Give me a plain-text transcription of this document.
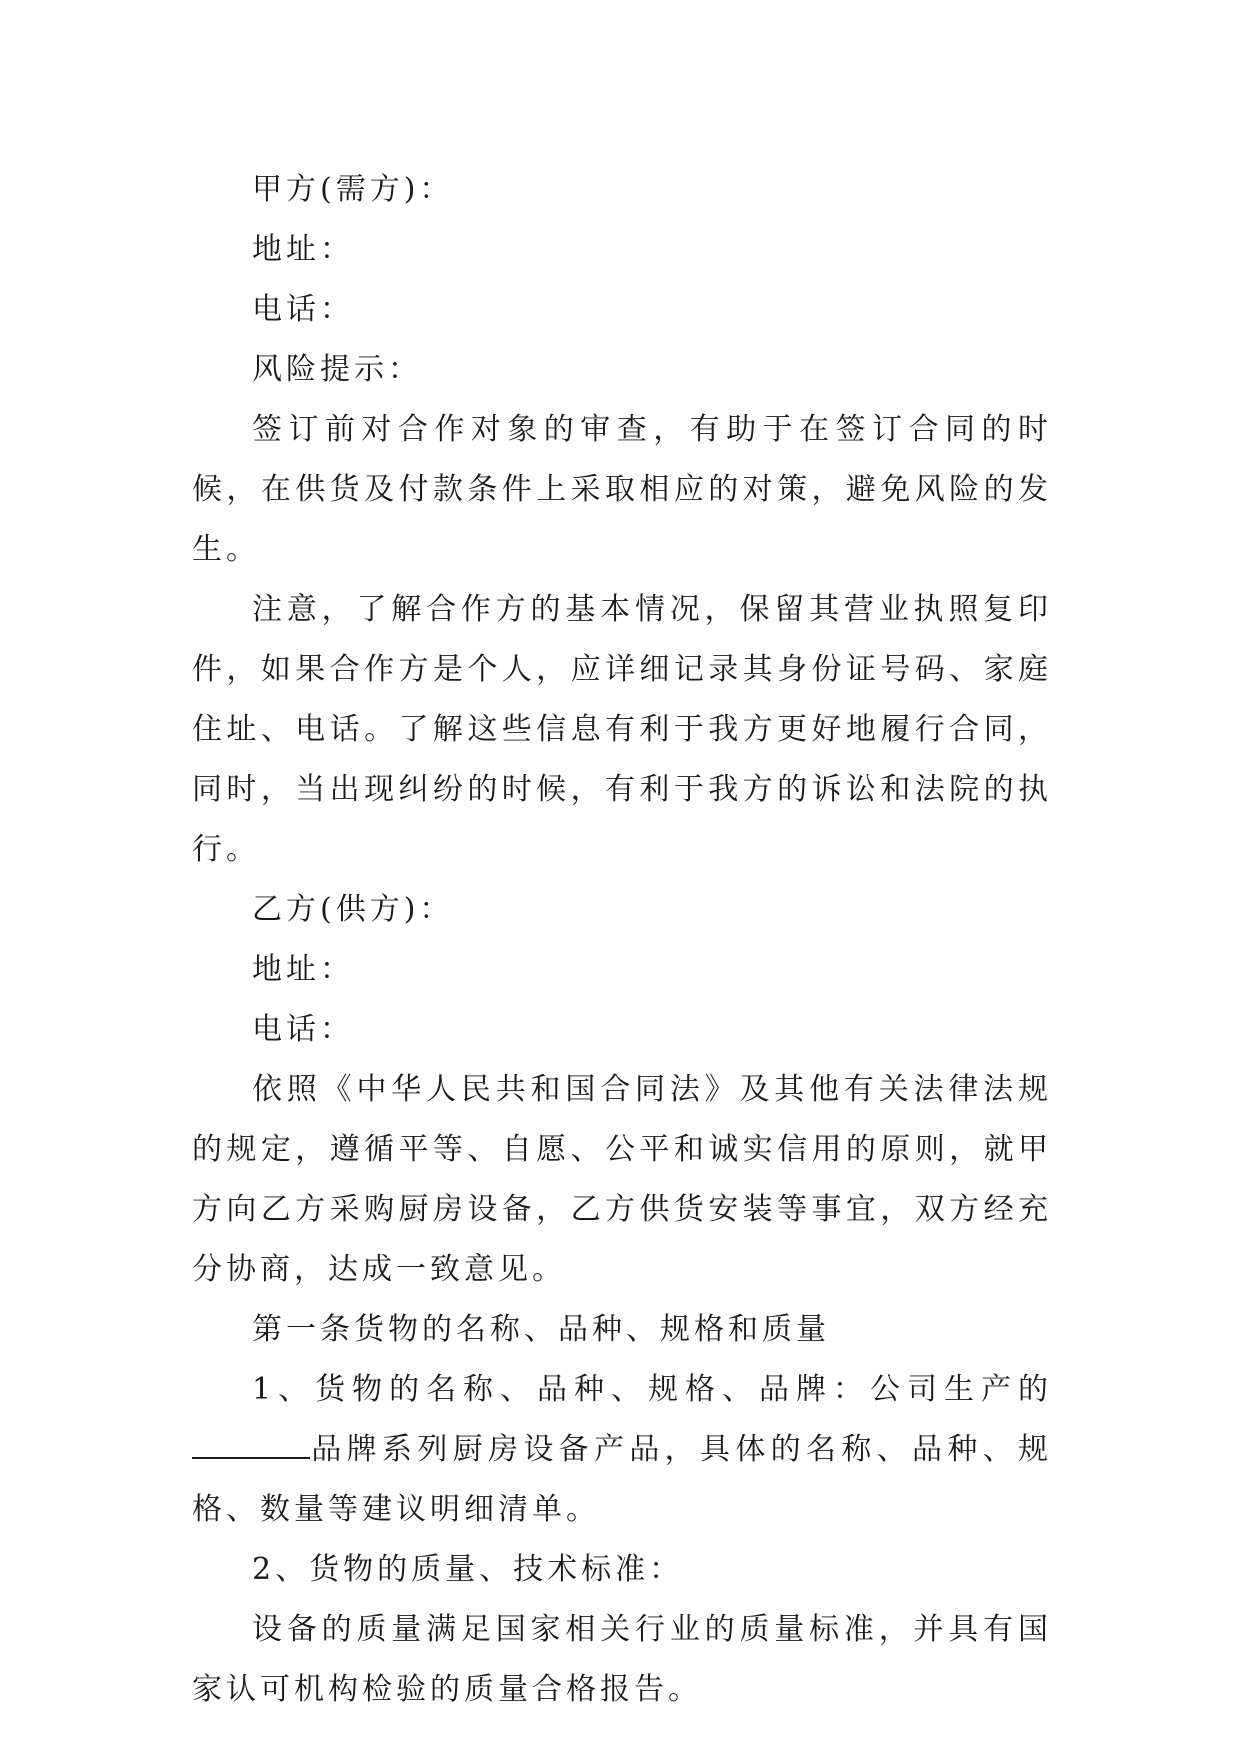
甲方(需方)：

地址：

电话：

风险提示：

签订前对合作对象的审查，有助于在签订合同的时候，在供货及付款条件上采取相应的对策，避免风险的发生。

注意，了解合作方的基本情况，保留其营业执照复印件，如果合作方是个人，应详细记录其身份证号码、家庭住址、电话。了解这些信息有利于我方更好地履行合同，同时，当出现纠纷的时候，有利于我方的诉讼和法院的执行。

乙方(供方)：

地址：

电话：

依照《中华人民共和国合同法》及其他有关法律法规的规定，遵循平等、自愿、公平和诚实信用的原则，就甲方向乙方采购厨房设备，乙方供货安装等事宜，双方经充分协商，达成一致意见。

第一条货物的名称、品种、规格和质量

1、货物的名称、品种、规格、品牌：公司生产的品牌系列厨房设备产品，具体的名称、品种、规格、数量等建议明细清单。

2、货物的质量、技术标准：

设备的质量满足国家相关行业的质量标准，并具有国家认可机构检验的质量合格报告。
